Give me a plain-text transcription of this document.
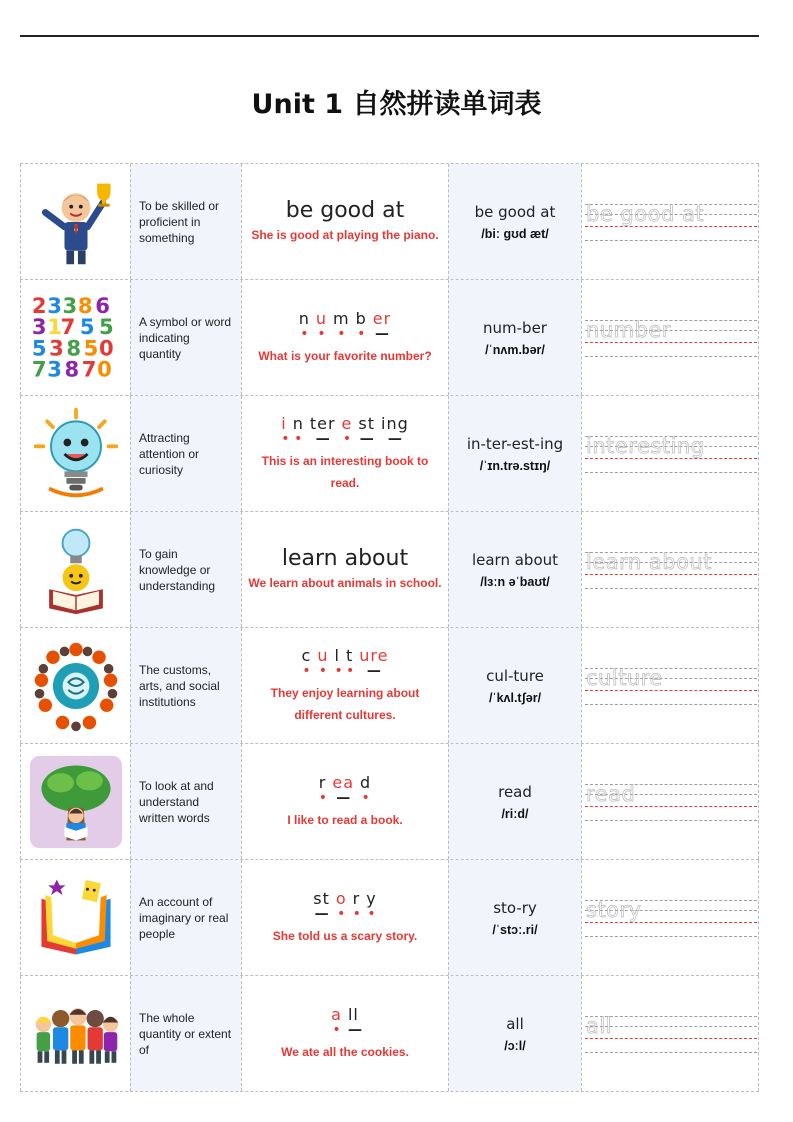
Unit 1 自然拼读单词表
To be skilled or proficient in something
be good at
She is good at playing the piano.
be good at
/biː gʊd æt/
be good at
2 3 3 8 6
3 1
7 5 5
5 3 8 5 0
7 3 8 7 0
A symbol or word indicating quantity
n u m b er
• • • • —
What is your favorite number?
num-ber
/ˈnʌm.bər/
number
Attracting attention or curiosity
i n ter e st ing
• • — • —	—
This is an interesting book to read.
in-ter-est-ing
/ˈɪn.trə.stɪŋ/
interesting
To gain knowledge or understanding
learn about
We learn about animals in school.
learn about
/lɜːn əˈbaʊt/
learn about
The customs, arts, and social institutions
c u l t ure
• • • • —
They enjoy learning about different cultures.
cul-ture
/ˈkʌl.tʃər/
culture
To look at and understand written words
r ea d
• — •
I like to read a book.
read
/riːd/
read
An account of imaginary or real people
st o r y
— • • •
She told us a scary story.
sto-ry
/ˈstɔː.ri/
story
The whole quantity or extent of
a ll
• —
We ate all the cookies.
all
/ɔːl/
all
